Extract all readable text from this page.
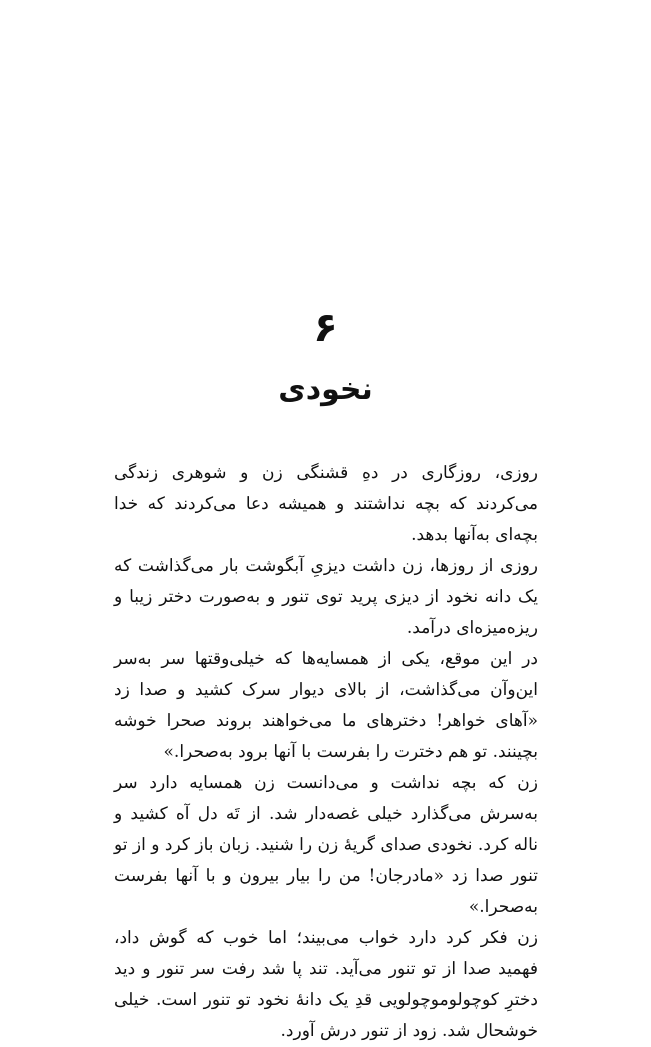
۶
نخودی

روزی، روزگاری در دهِ قشنگی زن و شوهری زندگی می‌کردند که بچه نداشتند و همیشه دعا می‌کردند که خدا بچه‌ای به‌آنها بدهد.

روزی از روزها، زن داشت دیزیِ آبگوشت بار می‌گذاشت که یک دانه نخود از دیزی پرید توی تنور و به‌صورت دختر زیبا و ریزه‌میزه‌ای درآمد.

در این موقع، یکی از همسایه‌ها که خیلی‌وقتها سر به‌سر این‌وآن می‌گذاشت، از بالای دیوار سرک کشید و صدا زد «آهای خواهر! دخترهای ما می‌خواهند بروند صحرا خوشه بچینند. تو هم دخترت را بفرست با آنها برود به‌صحرا.»

زن که بچه نداشت و می‌دانست زن همسایه دارد سر به‌سرش می‌گذارد خیلی غصه‌دار شد. از تَه دل آه کشید و ناله کرد. نخودی صدای گریهٔ زن را شنید. زبان باز کرد و از تو تنور صدا زد «مادرجان! من را بیار بیرون و با آنها بفرست به‌صحرا.»

زن فکر کرد دارد خواب می‌بیند؛ اما خوب که گوش داد، فهمید صدا از تو تنور می‌آید. تند پا شد رفت سر تنور و دید دخترِ کوچولوموچولویی قدِ یک دانهٔ نخود تو تنور است. خیلی خوشحال شد. زود از تنور درش آورد.
